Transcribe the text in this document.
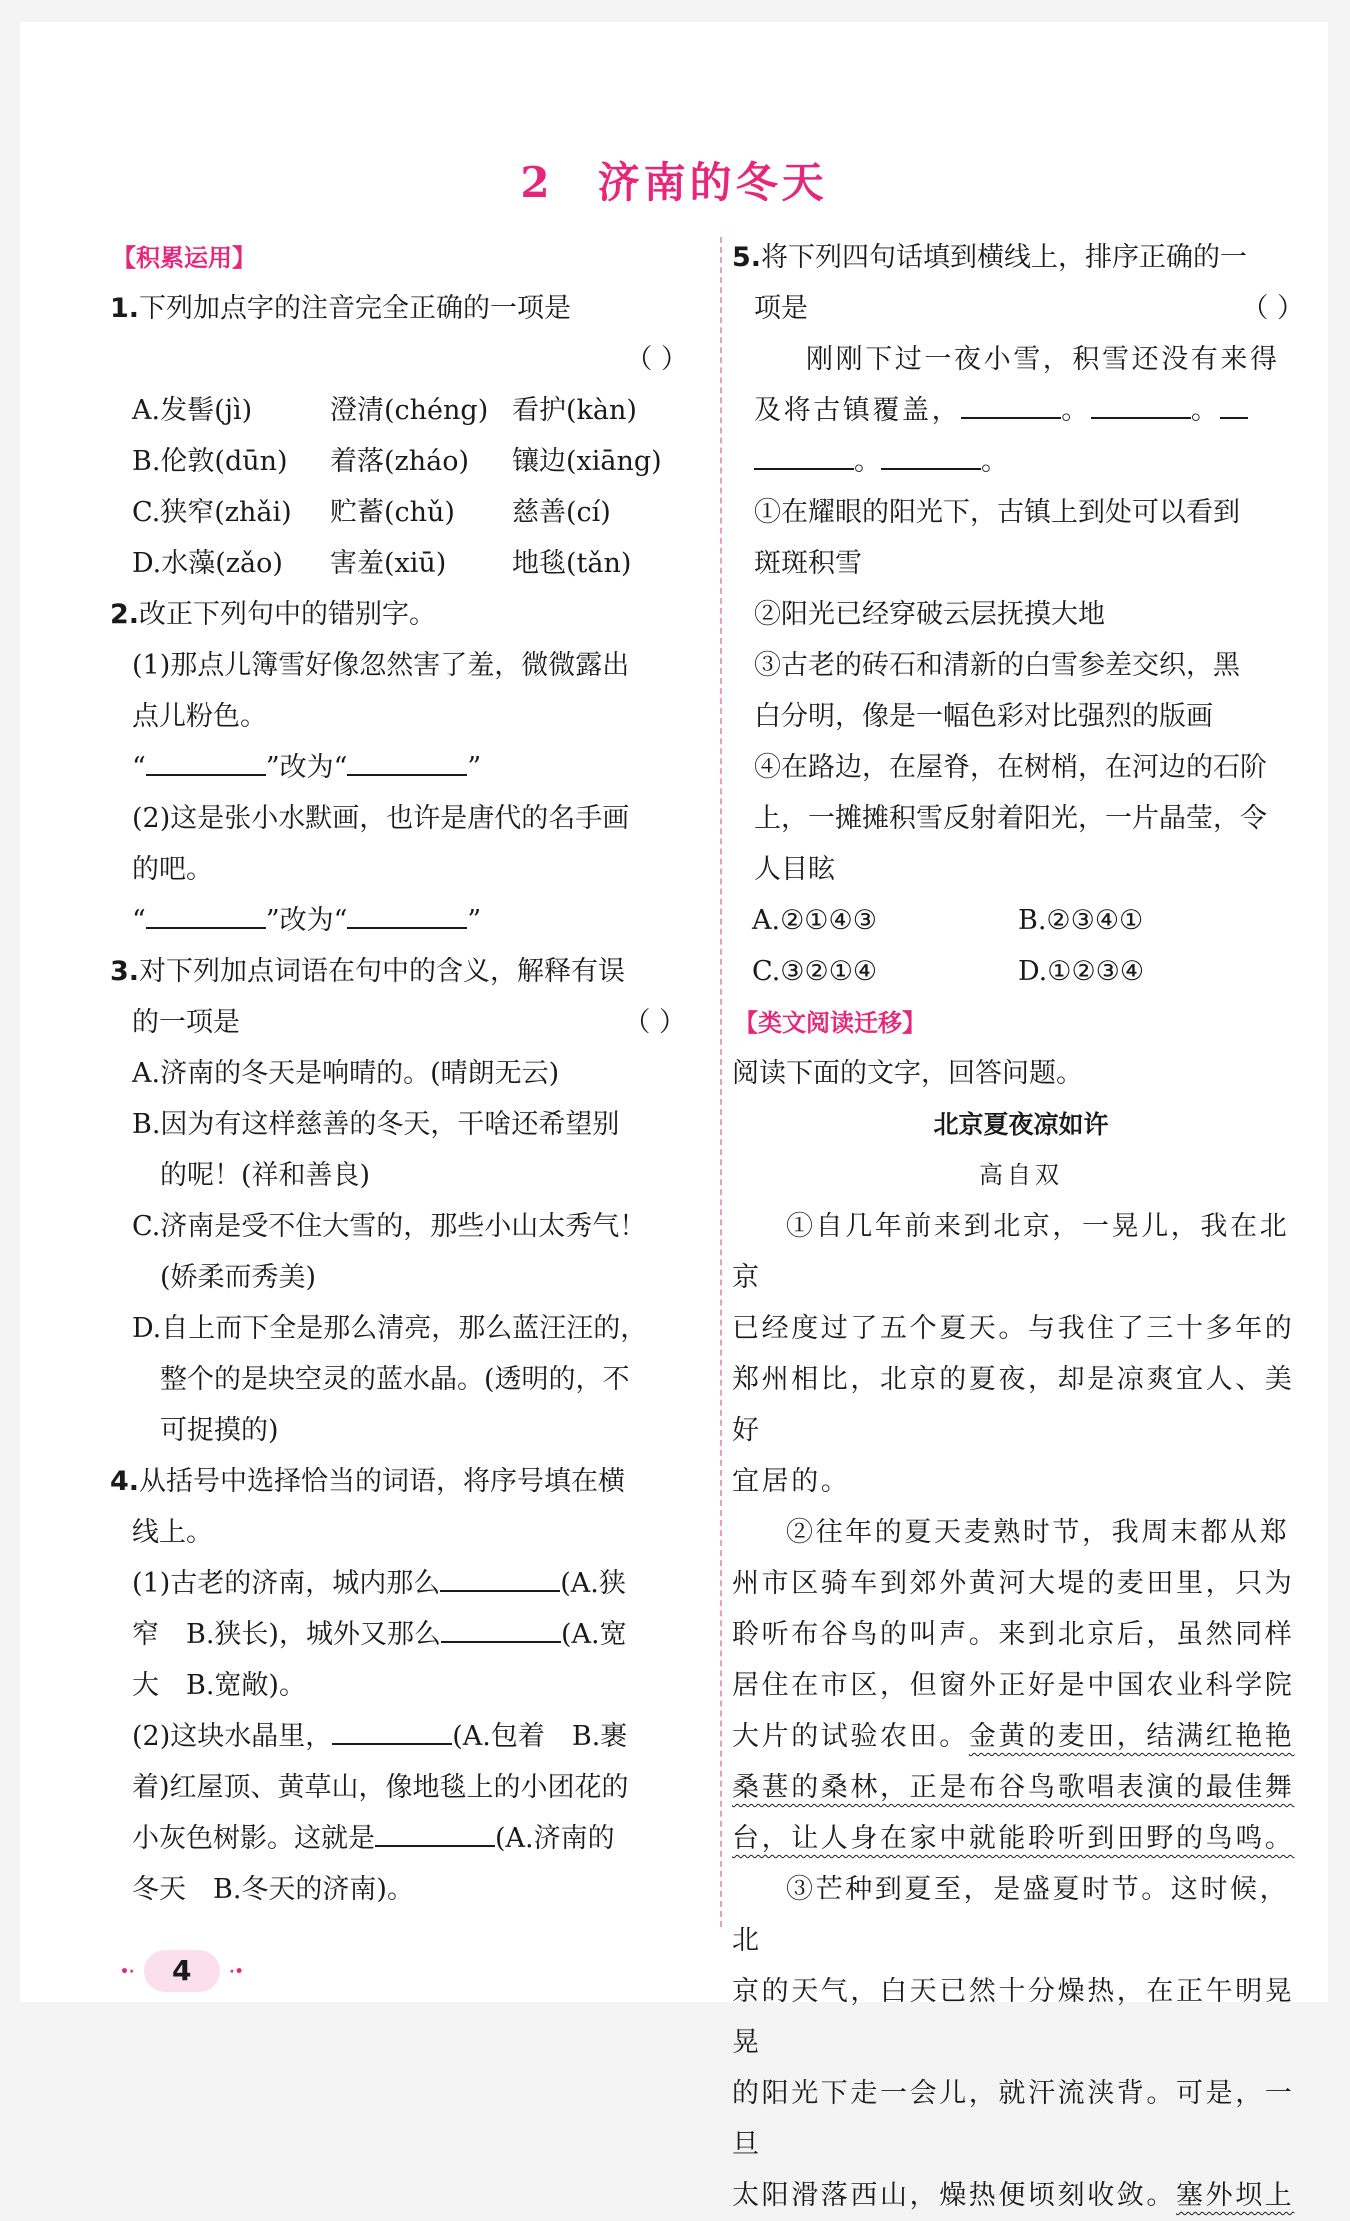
2 济南的冬天
【 积累运用 】
1.下列加点字的注音完全正确的一项是
（ ）
A.发髻(jì)	澄清(chéng) 看护(kàn)
B.伦敦(dūn)	着落(zháo)	镶边(xiāng)
C.狭窄(zhǎi)	贮蓄(chǔ)	慈善(cí)
D.水藻(zǎo)	害羞(xiū)	地毯(tǎn)
2.改正下列句中的错别字。
(1)那点儿簿雪好像忽然害了羞，微微露出
点儿粉色。
“	”改为“	”
(2)这是张小水默画，也许是唐代的名手画
的吧。
“	”改为“	”
3.对下列加点词语在句中的含义，解释有误
的一项是	（ ）
A.济南的冬天是响晴的。(晴朗无云)
B.因为有这样慈善的冬天，干啥还希望别
的呢！(祥和善良)
C.济南是受不住大雪的，那些小山太秀气！
(娇柔而秀美)
D.自上而下全是那么清亮，那么蓝汪汪的，
整个的是块空灵的蓝水晶。(透明的，不
可捉摸的)
4.从括号中选择恰当的词语，将序号填在横
线上。
(1)古老的济南，城内那么	(A.狭
窄　B.狭长)，城外又那么	(A.宽
大　B.宽敞)。
(2)这块水晶里，	(A.包着　B.裹
着)红屋顶、黄草山，像地毯上的小团花的
小灰色树影。这就是	(A.济南的
冬天　B.冬天的济南)。
5.将下列四句话填到横线上，排序正确的一
项是	（ ）
刚刚下过一夜小雪，积雪还没有来得
及将古镇覆盖，	。	。
。	。
①在耀眼的阳光下，古镇上到处可以看到
斑斑积雪
②阳光已经穿破云层抚摸大地
③古老的砖石和清新的白雪参差交织，黑
白分明，像是一幅色彩对比强烈的版画
④在路边，在屋脊，在树梢，在河边的石阶
上，一摊摊积雪反射着阳光，一片晶莹，令
人目眩
A.②①④③	B.②③④①
C.③②①④	D.①②③④
【 类文阅读迁移 】
阅读下面的文字，回答问题。
北京夏夜凉如许
高自双
①自几年前来到北京，一晃儿，我在北京
已经度过了五个夏天。与我住了三十多年的
郑州相比，北京的夏夜，却是凉爽宜人、美好
宜居的。
②往年的夏天麦熟时节，我周末都从郑
州市区骑车到郊外黄河大堤的麦田里，只为
聆听布谷鸟的叫声。来到北京后，虽然同样
居住在市区，但窗外正好是中国农业科学院
大片的试验农田。金黄的麦田，结满红艳艳
桑葚的桑林，正是布谷鸟歌唱表演的最佳舞
台，让人身在家中就能聆听到田野的鸟鸣。
③芒种到夏至，是盛夏时节。这时候，北
京的天气，白天已然十分燥热，在正午明晃晃
的阳光下走一会儿，就汗流浃背。可是，一旦
太阳滑落西山，燥热便顷刻收敛。塞外坝上
•· 4	·•
